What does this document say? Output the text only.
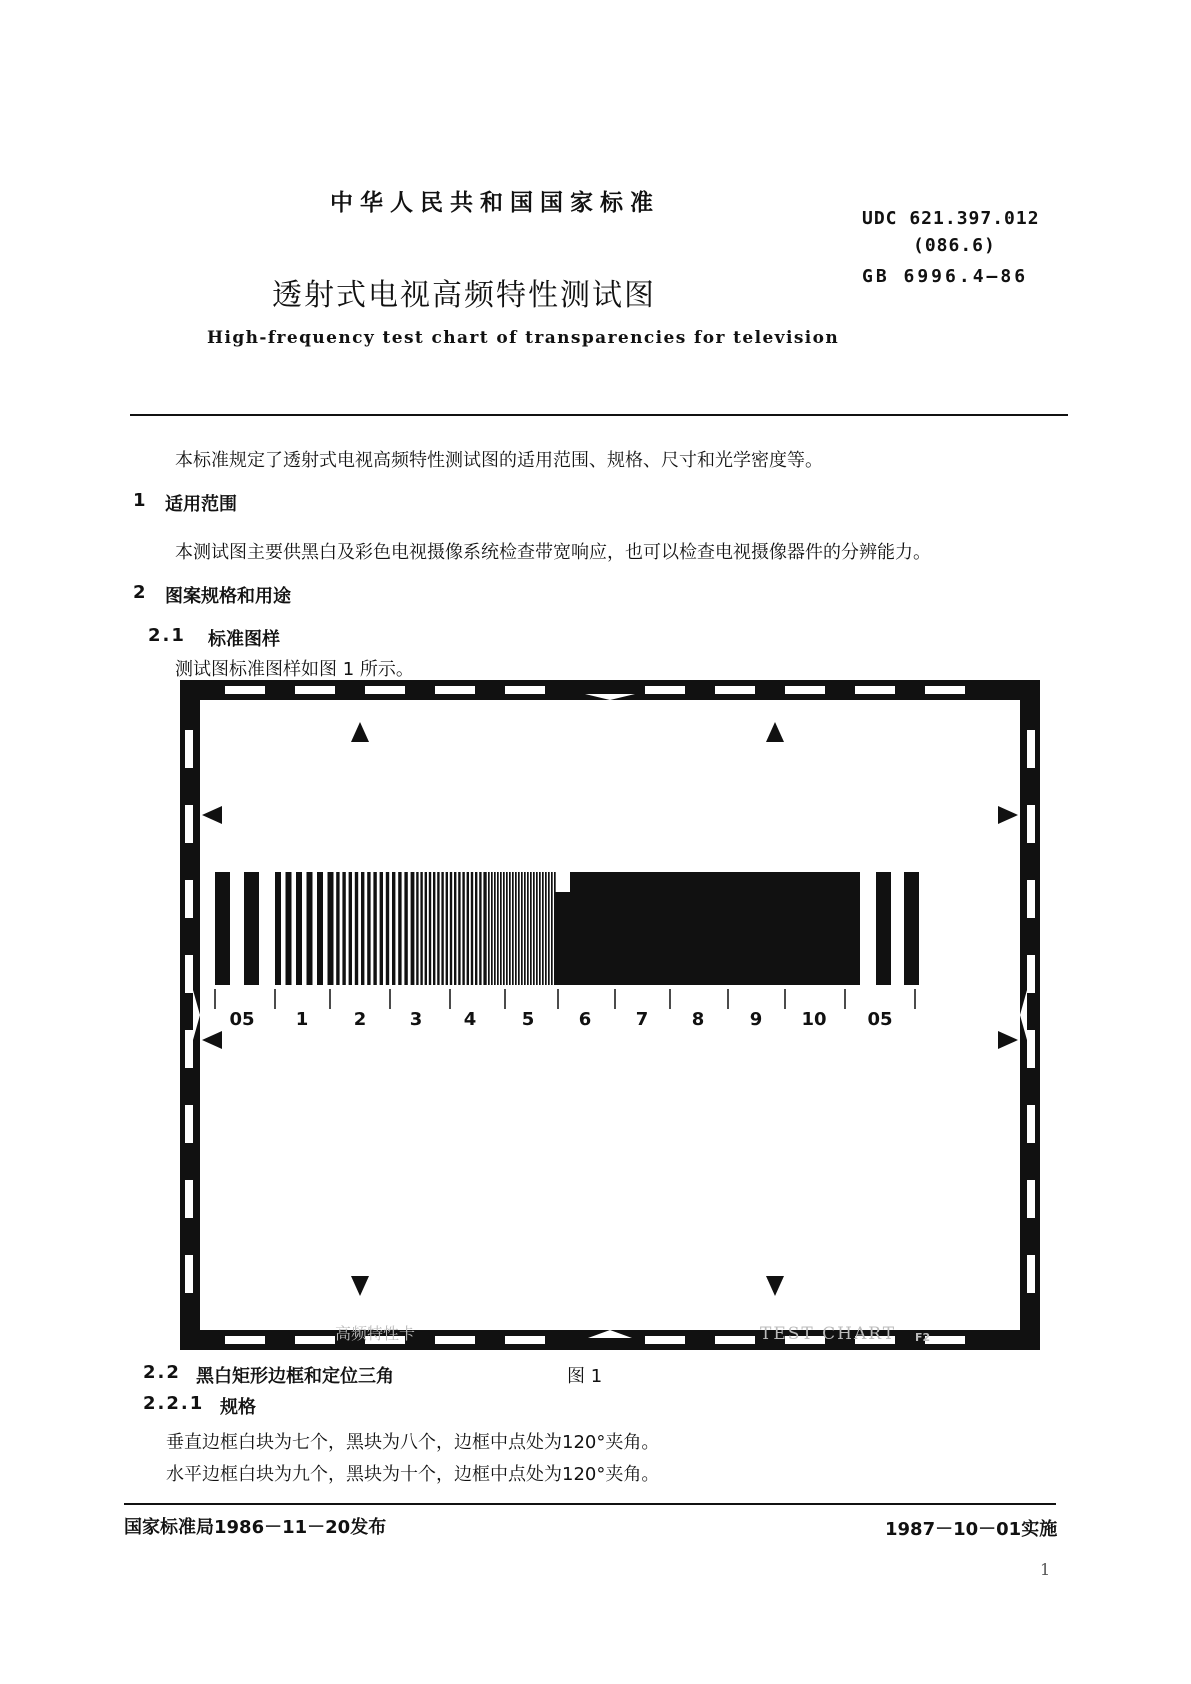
中华人民共和国国家标准
UDC 621.397.012
(086.6)
GB 6996.4—86
透射式电视高频特性测试图
High-frequency test chart of transparencies for television
本标准规定了透射式电视高频特性测试图的适用范围、规格、尺寸和光学密度等。
1 适用范围
本测试图主要供黑白及彩色电视摄像系统检查带宽响应，也可以检查电视摄像器件的分辨能力。
2 图案规格和用途
2.1 标准图样
测试图标准图样如图 1 所示。
05 1	2 3 4	5 6 7 8	9 10 05
高频特性卡	TEST CHART F2
2.2 黑白矩形边框和定位三角	图 1
2.2.1 规格
垂直边框白块为七个，黑块为八个，边框中点处为120°夹角。
水平边框白块为九个，黑块为十个，边框中点处为120°夹角。
国家标准局1986－11－20发布	1987－10－01实施
1
